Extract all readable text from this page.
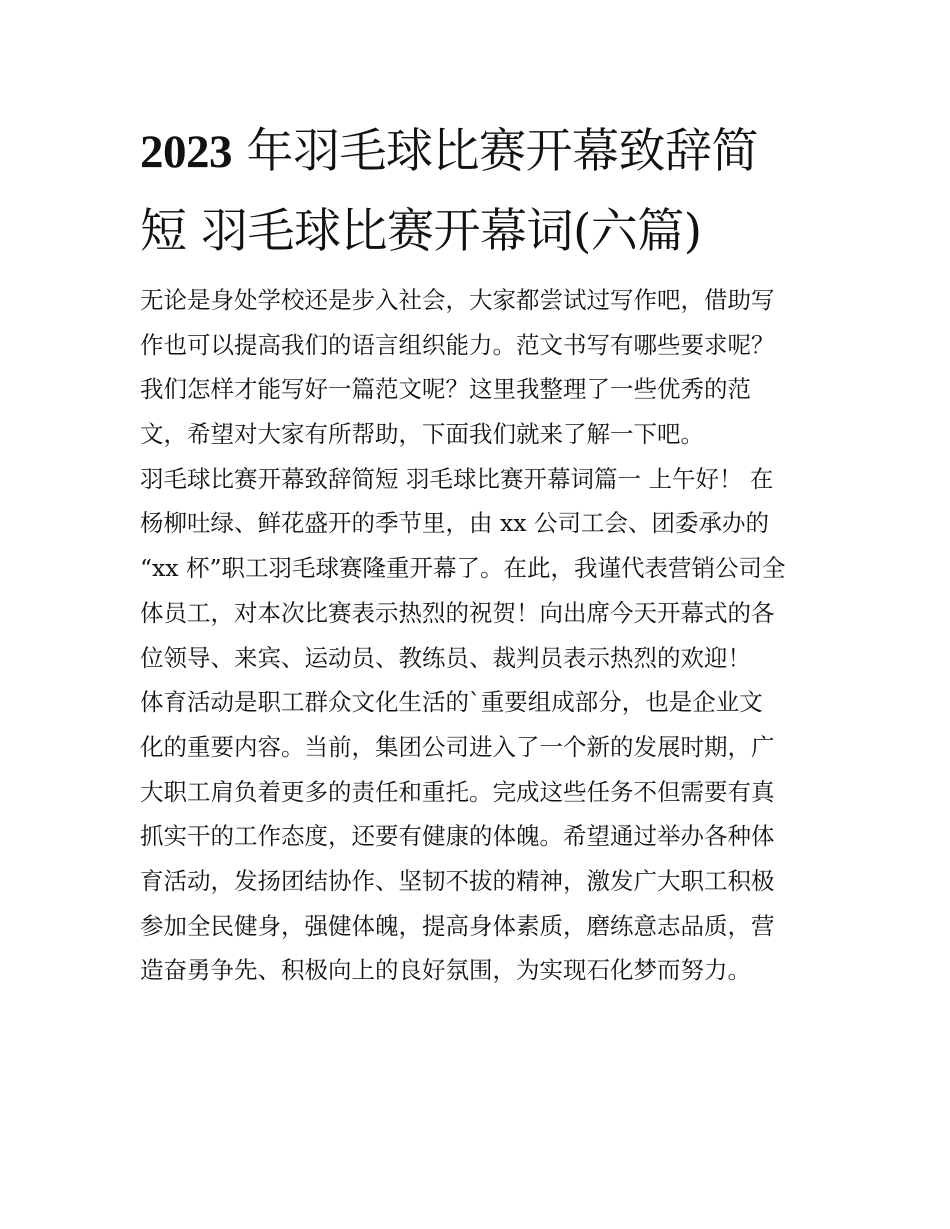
2023 年羽毛球比赛开幕致辞简
短 羽毛球比赛开幕词(六篇)
无论是身处学校还是步入社会，大家都尝试过写作吧，借助写
作也可以提高我们的语言组织能力。范文书写有哪些要求呢？
我们怎样才能写好一篇范文呢？这里我整理了一些优秀的范
文，希望对大家有所帮助，下面我们就来了解一下吧。
羽毛球比赛开幕致辞简短 羽毛球比赛开幕词篇一 上午好！ 在
杨柳吐绿、鲜花盛开的季节里，由 xx 公司工会、团委承办的
“xx 杯”职工羽毛球赛隆重开幕了。在此，我谨代表营销公司全
体员工，对本次比赛表示热烈的祝贺！向出席今天开幕式的各
位领导、来宾、运动员、教练员、裁判员表示热烈的欢迎！
体育活动是职工群众文化生活的`重要组成部分，也是企业文
化的重要内容。当前，集团公司进入了一个新的发展时期，广
大职工肩负着更多的责任和重托。完成这些任务不但需要有真
抓实干的工作态度，还要有健康的体魄。希望通过举办各种体
育活动，发扬团结协作、坚韧不拔的精神，激发广大职工积极
参加全民健身，强健体魄，提高身体素质，磨练意志品质，营
造奋勇争先、积极向上的良好氛围，为实现石化梦而努力。
